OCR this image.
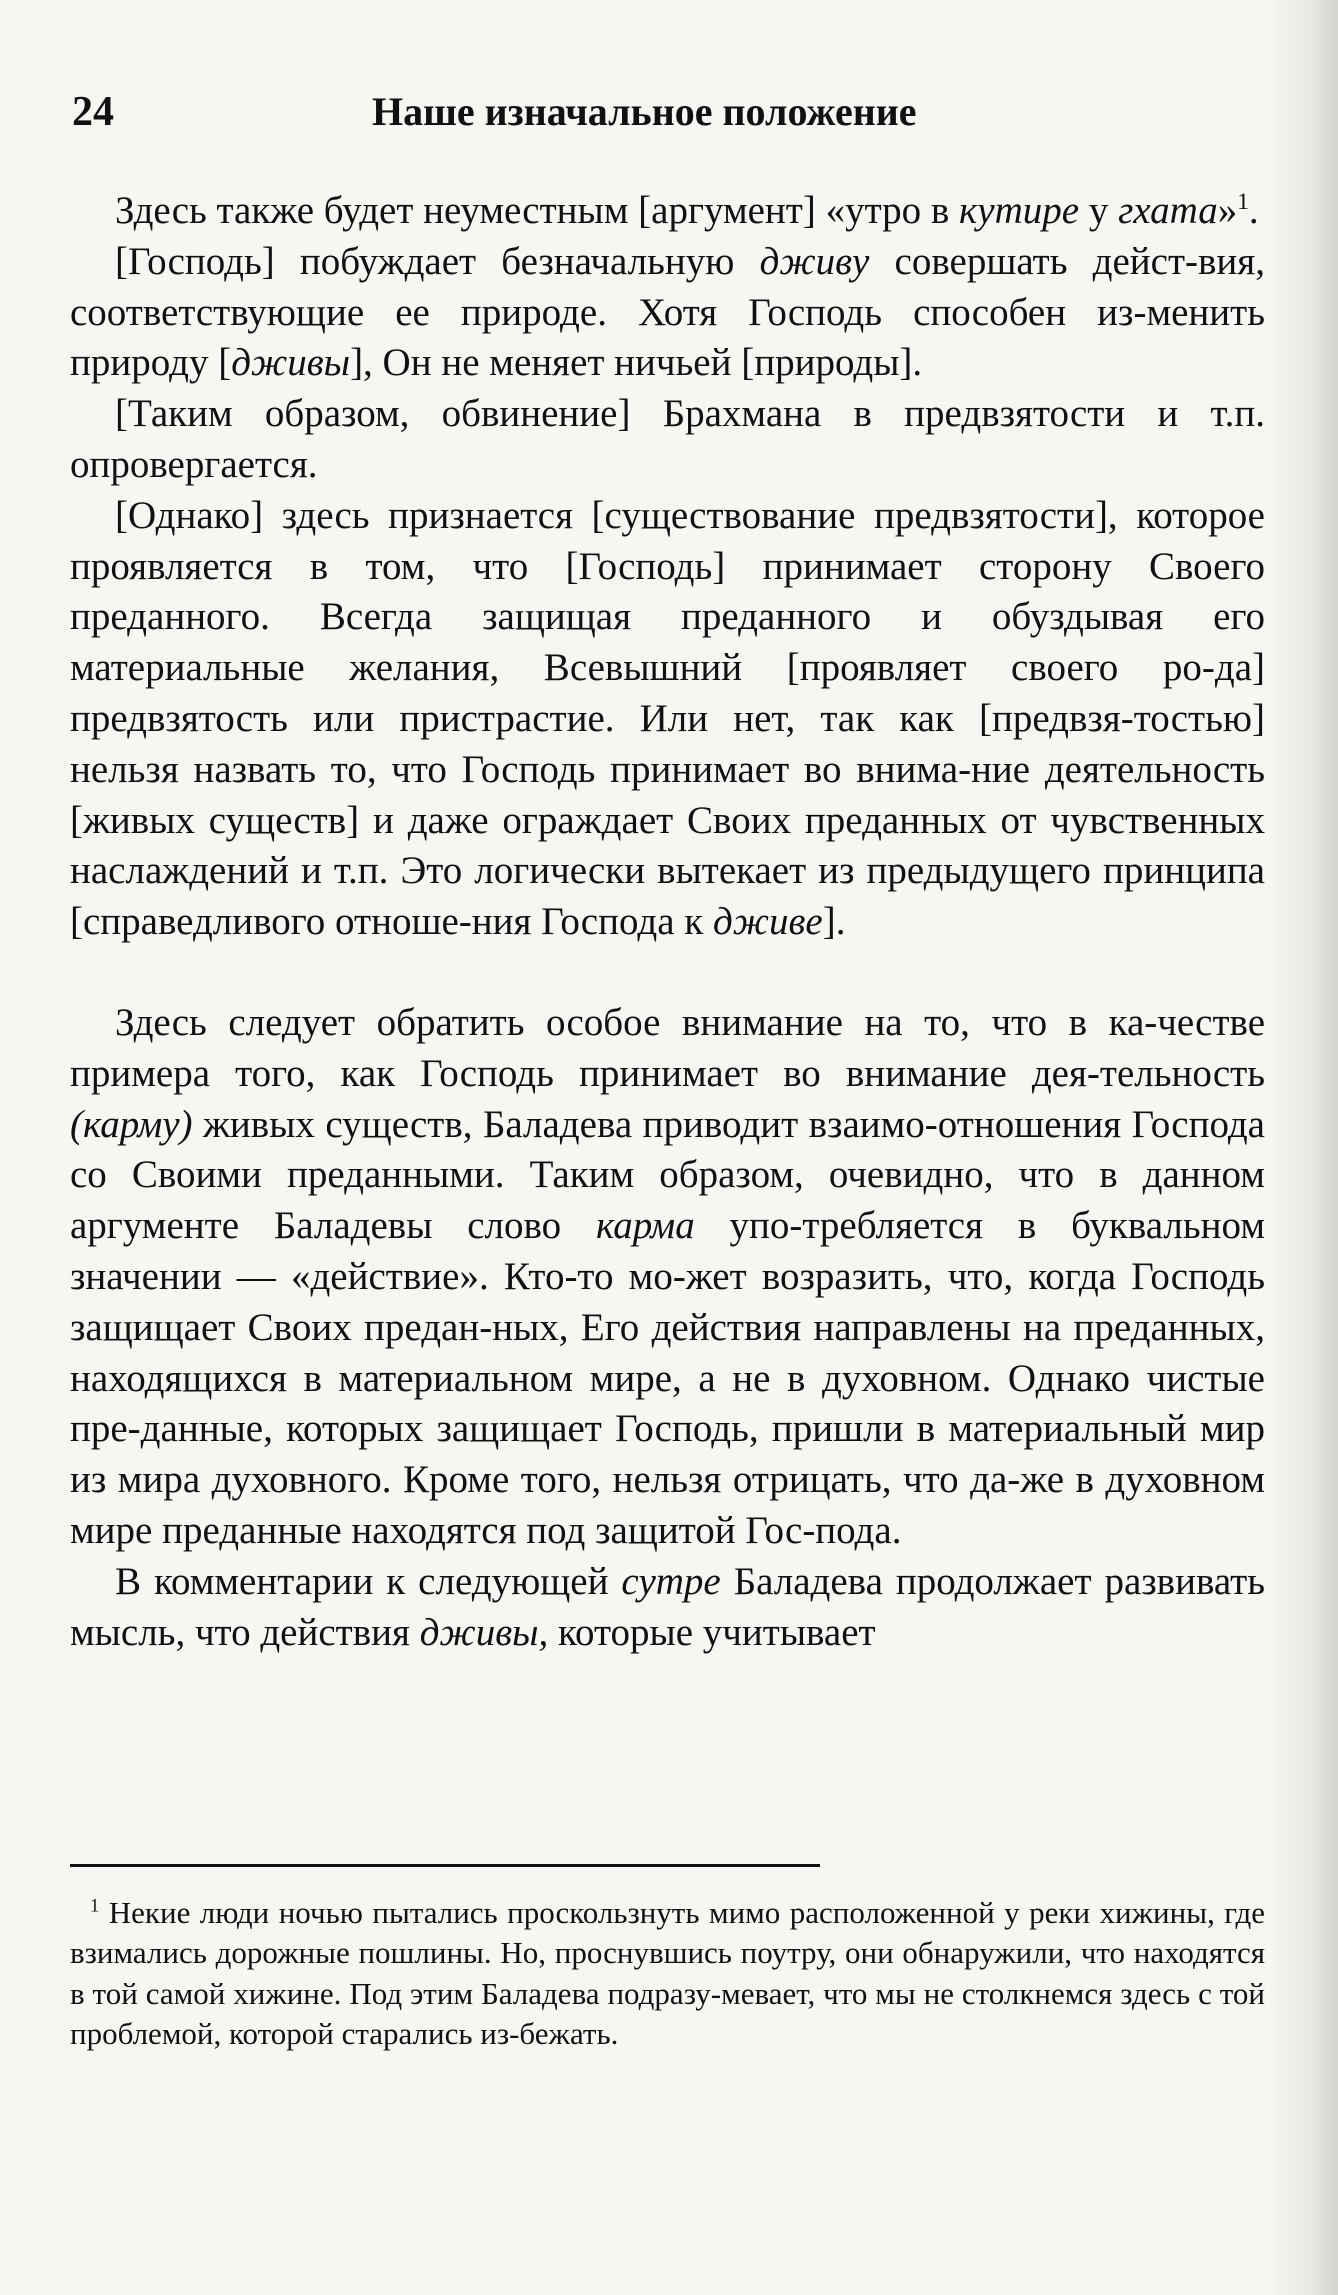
24	Наше изначальное положение

Здесь также будет неуместным [аргумент] «утро в кутире у гхата»$^1$.

[Господь] побуждает безначальную дживу совершать дейст-вия, соответствующие ее природе. Хотя Господь способен из-менить природу [дживы], Он не меняет ничьей [природы].

[Таким образом, обвинение] Брахмана в предвзятости и т.п. опровергается.

[Однако] здесь признается [существование предвзятости], которое проявляется в том, что [Господь] принимает сторону Своего преданного. Всегда защищая преданного и обуздывая его материальные желания, Всевышний [проявляет своего ро-да] предвзятость или пристрастие. Или нет, так как [предвзя-тостью] нельзя назвать то, что Господь принимает во внима-ние деятельность [живых существ] и даже ограждает Своих преданных от чувственных наслаждений и т.п. Это логически вытекает из предыдущего принципа [справедливого отноше-ния Господа к дживе].

Здесь следует обратить особое внимание на то, что в ка-честве примера того, как Господь принимает во внимание дея-тельность (карму) живых существ, Баладева приводит взаимо-отношения Господа со Своими преданными. Таким образом, очевидно, что в данном аргументе Баладевы слово карма упо-требляется в буквальном значении — «действие». Кто-то мо-жет возразить, что, когда Господь защищает Своих предан-ных, Его действия направлены на преданных, находящихся в материальном мире, а не в духовном. Однако чистые пре-данные, которых защищает Господь, пришли в материальный мир из мира духовного. Кроме того, нельзя отрицать, что да-же в духовном мире преданные находятся под защитой Гос-пода.

В комментарии к следующей сутре Баладева продолжает развивать мысль, что действия дживы, которые учитывает

$^1$ Некие люди ночью пытались проскользнуть мимо расположенной у реки хижины, где взимались дорожные пошлины. Но, проснувшись поутру, они обнаружили, что находятся в той самой хижине. Под этим Баладева подразу-мевает, что мы не столкнемся здесь с той проблемой, которой старались из-бежать.
